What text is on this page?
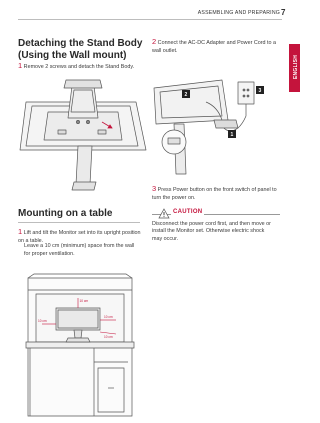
ASSEMBLING AND PREPARING 7
ENGLISH
Detaching the Stand Body (Using the Wall mount)
1 Remove 2 screws and detach the Stand Body.
Mounting on a table
1 Lift and tilt the Monitor set into its upright position on a table.
Leave a 10 cm (minimum) space from the wall for proper ventilation.
10 cm
10 cm
10 cm
10 cm
2 Connect the AC-DC Adapter and Power Cord to a wall outlet.
1
2
3
3 Press Power button on the front switch of panel to turn the power on.
CAUTION
Disconnect the power cord first, and then move or install the Monitor set. Otherwise electric shock may occur.
